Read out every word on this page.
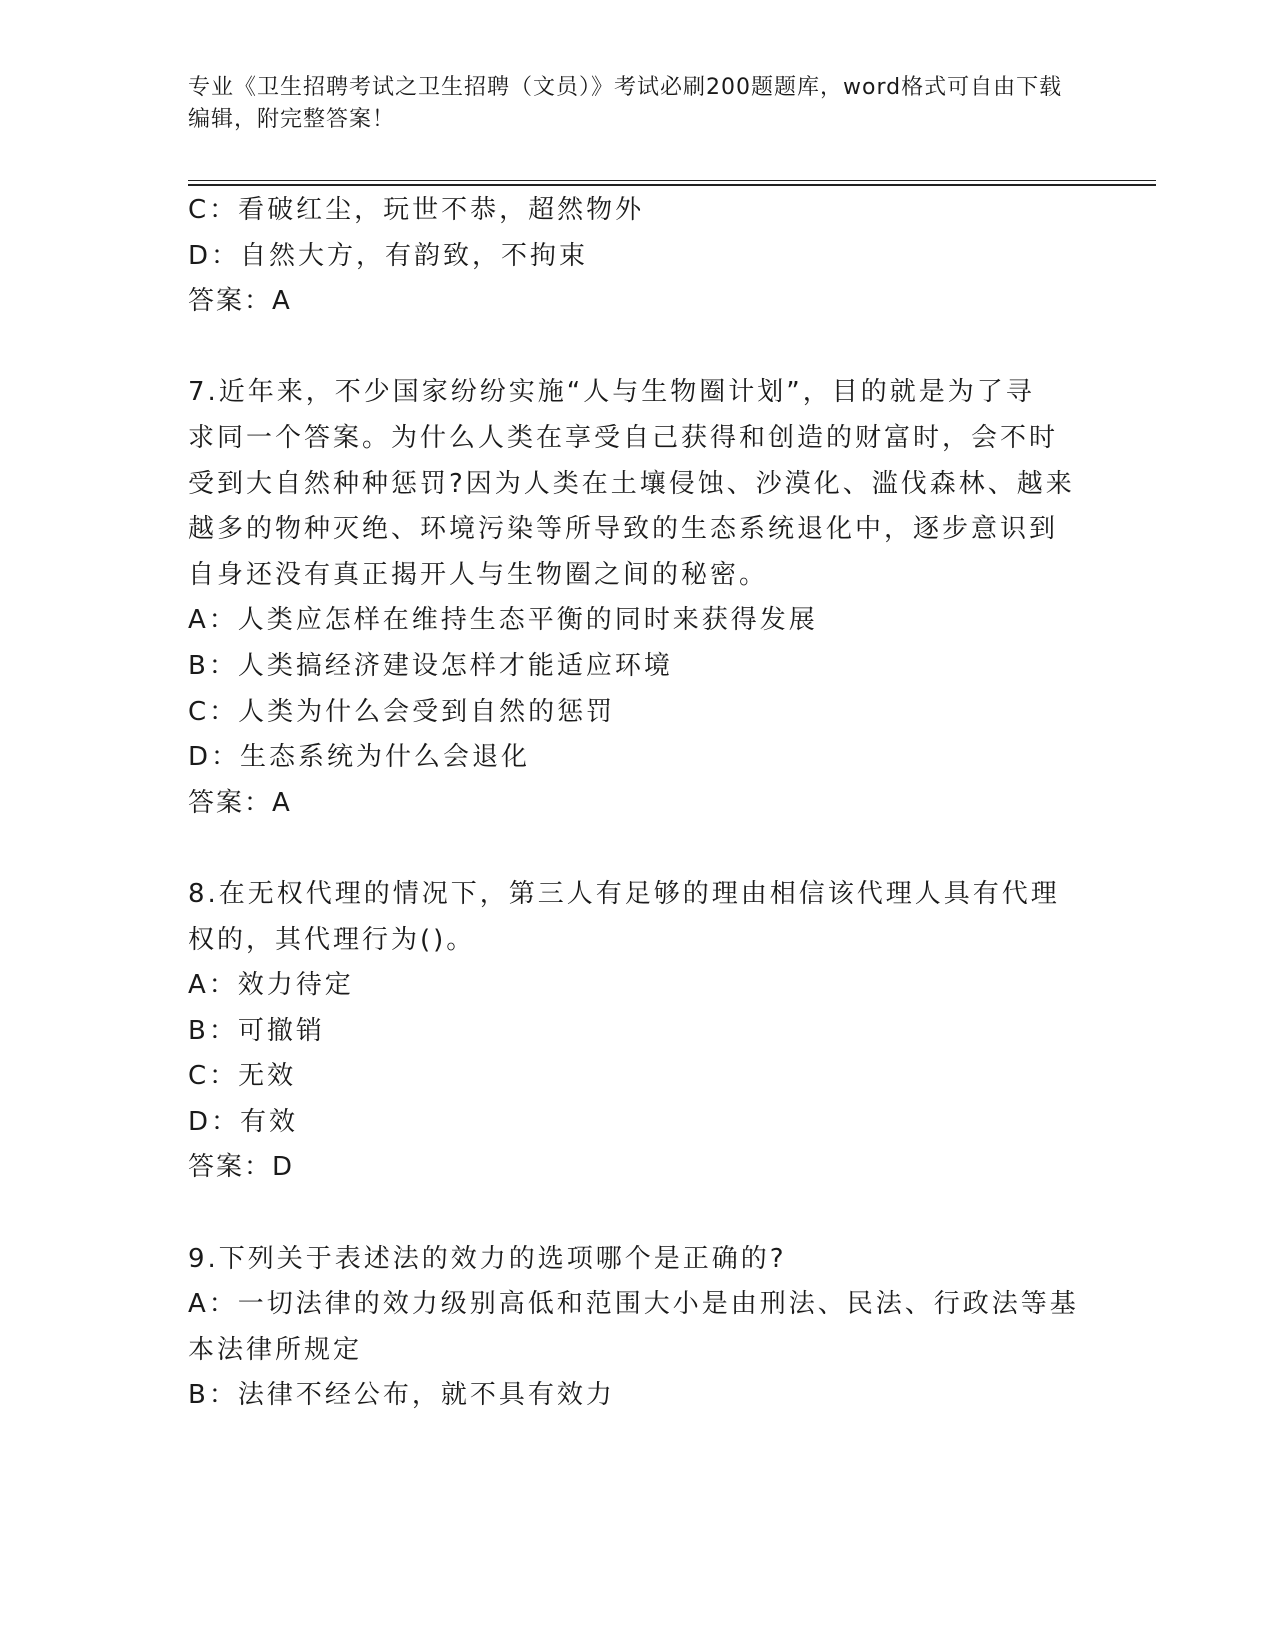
专业《卫生招聘考试之卫生招聘（文员）》考试必刷200题题库，word格式可自由下载编辑，附完整答案！
C：看破红尘，玩世不恭，超然物外
D：自然大方，有韵致，不拘束
答案：A
7.近年来，不少国家纷纷实施“人与生物圈计划”，目的就是为了寻
求同一个答案。为什么人类在享受自己获得和创造的财富时，会不时
受到大自然种种惩罚?因为人类在土壤侵蚀、沙漠化、滥伐森林、越来
越多的物种灭绝、环境污染等所导致的生态系统退化中，逐步意识到
自身还没有真正揭开人与生物圈之间的秘密。
A：人类应怎样在维持生态平衡的同时来获得发展
B：人类搞经济建设怎样才能适应环境
C：人类为什么会受到自然的惩罚
D：生态系统为什么会退化
答案：A
8.在无权代理的情况下，第三人有足够的理由相信该代理人具有代理
权的，其代理行为()。
A：效力待定
B：可撤销
C：无效
D：有效
答案：D
9.下列关于表述法的效力的选项哪个是正确的?
A：一切法律的效力级别高低和范围大小是由刑法、民法、行政法等基
本法律所规定
B：法律不经公布，就不具有效力
